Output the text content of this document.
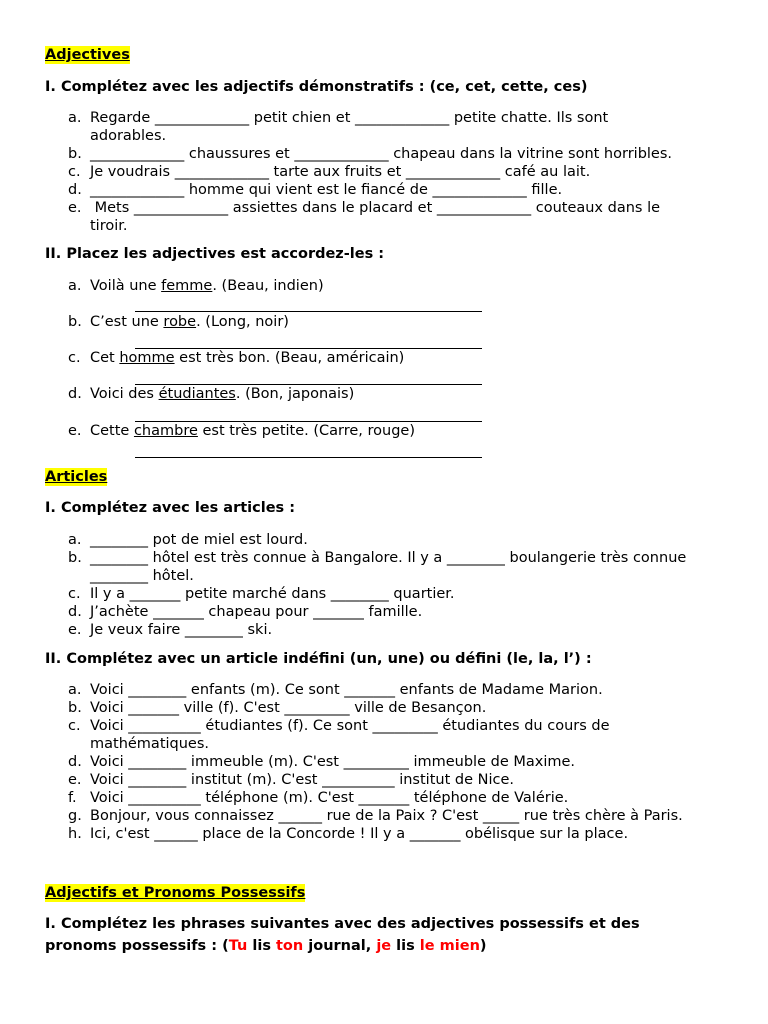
Adjectives
I. Complétez avec les adjectifs démonstratifs : (ce, cet, cette, ces)
a. Regarde _____________ petit chien et _____________ petite chatte. Ils sont
adorables.
b. _____________ chaussures et _____________ chapeau dans la vitrine sont horribles.
c. Je voudrais _____________ tarte aux fruits et _____________ café au lait.
d. _____________ homme qui vient est le fiancé de _____________ fille.
e. Mets _____________ assiettes dans le placard et _____________ couteaux dans le
tiroir.
II. Placez les adjectives est accordez-les :
a. Voilà une femme. (Beau, indien)
b. C’est une robe. (Long, noir)
c. Cet homme est très bon. (Beau, américain)
d. Voici des étudiantes. (Bon, japonais)
e. Cette chambre est très petite. (Carre, rouge)
Articles
I. Complétez avec les articles :
a. ________ pot de miel est lourd.
b. ________ hôtel est très connue à Bangalore. Il y a ________ boulangerie très connue
________ hôtel.
c. Il y a _______ petite marché dans ________ quartier.
d. J’achète _______ chapeau pour _______ famille.
e. Je veux faire ________ ski.
II. Complétez avec un article indéfini (un, une) ou défini (le, la, l’) :
a. Voici ________ enfants (m). Ce sont _______ enfants de Madame Marion.
b. Voici _______ ville (f). C'est _________ ville de Besançon.
c. Voici __________ étudiantes (f). Ce sont _________ étudiantes du cours de
mathématiques.
d. Voici ________ immeuble (m). C'est _________ immeuble de Maxime.
e. Voici ________ institut (m). C'est __________ institut de Nice.
f. Voici __________ téléphone (m). C'est _______ téléphone de Valérie.
g. Bonjour, vous connaissez ______ rue de la Paix ? C'est _____ rue très chère à Paris.
h. Ici, c'est ______ place de la Concorde ! Il y a _______ obélisque sur la place.
Adjectifs et Pronoms Possessifs
I. Complétez les phrases suivantes avec des adjectives possessifs et des
pronoms possessifs : (Tu lis ton journal, je lis le mien)
